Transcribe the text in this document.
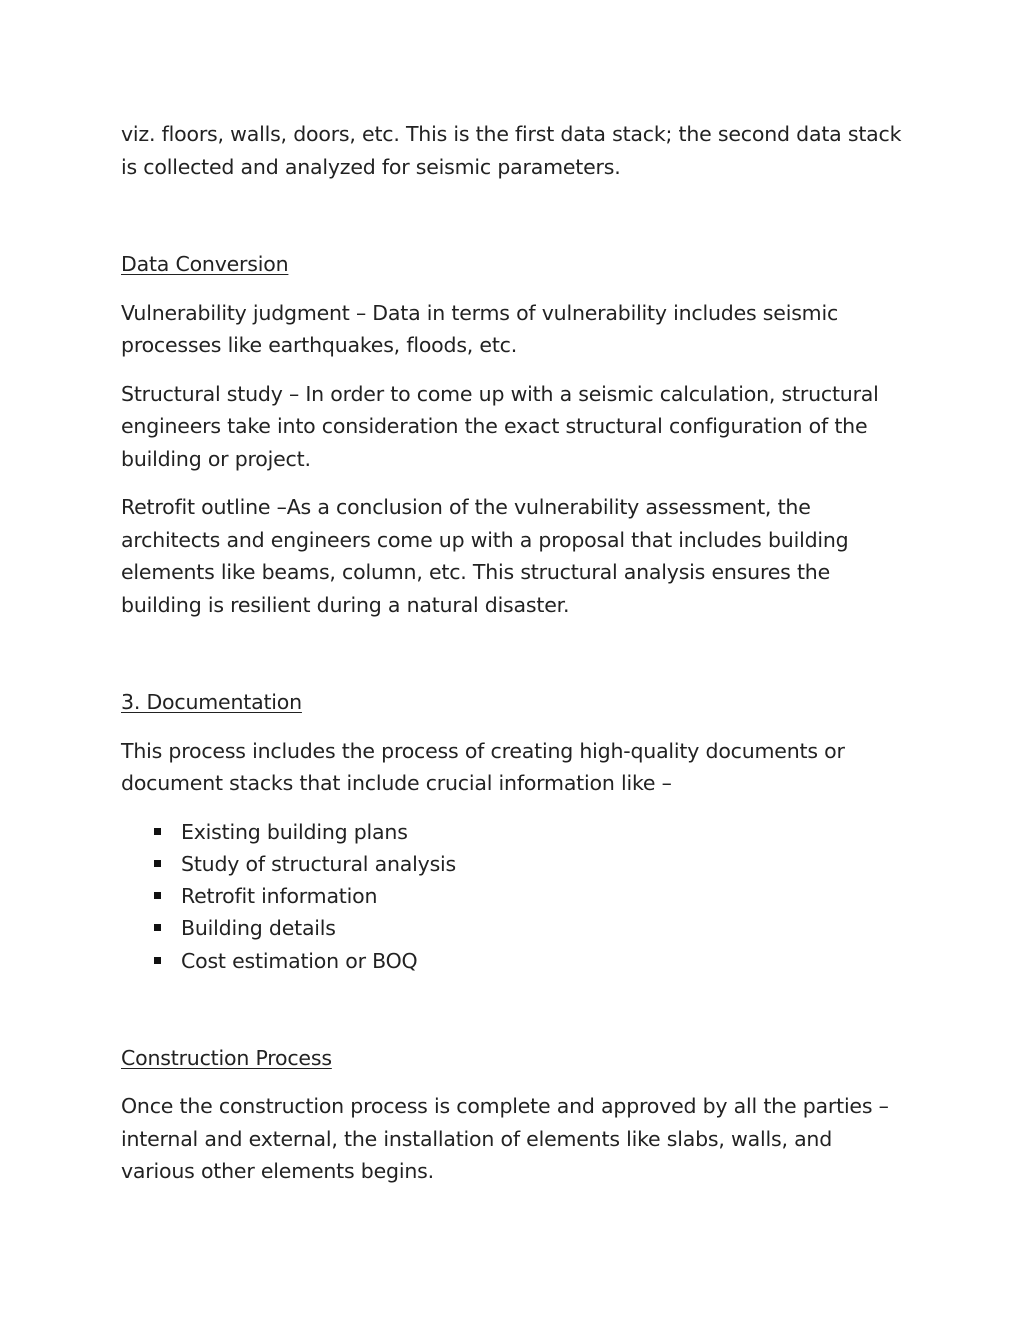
viz. floors, walls, doors, etc. This is the first data stack; the second data stack is collected and analyzed for seismic parameters.

Data Conversion

Vulnerability judgment – Data in terms of vulnerability includes seismic processes like earthquakes, floods, etc.

Structural study – In order to come up with a seismic calculation, structural engineers take into consideration the exact structural configuration of the building or project.

Retrofit outline –As a conclusion of the vulnerability assessment, the architects and engineers come up with a proposal that includes building elements like beams, column, etc. This structural analysis ensures the building is resilient during a natural disaster.

3. Documentation

This process includes the process of creating high-quality documents or document stacks that include crucial information like –

Existing building plans
Study of structural analysis
Retrofit information
Building details
Cost estimation or BOQ

Construction Process

Once the construction process is complete and approved by all the parties – internal and external, the installation of elements like slabs, walls, and various other elements begins.
